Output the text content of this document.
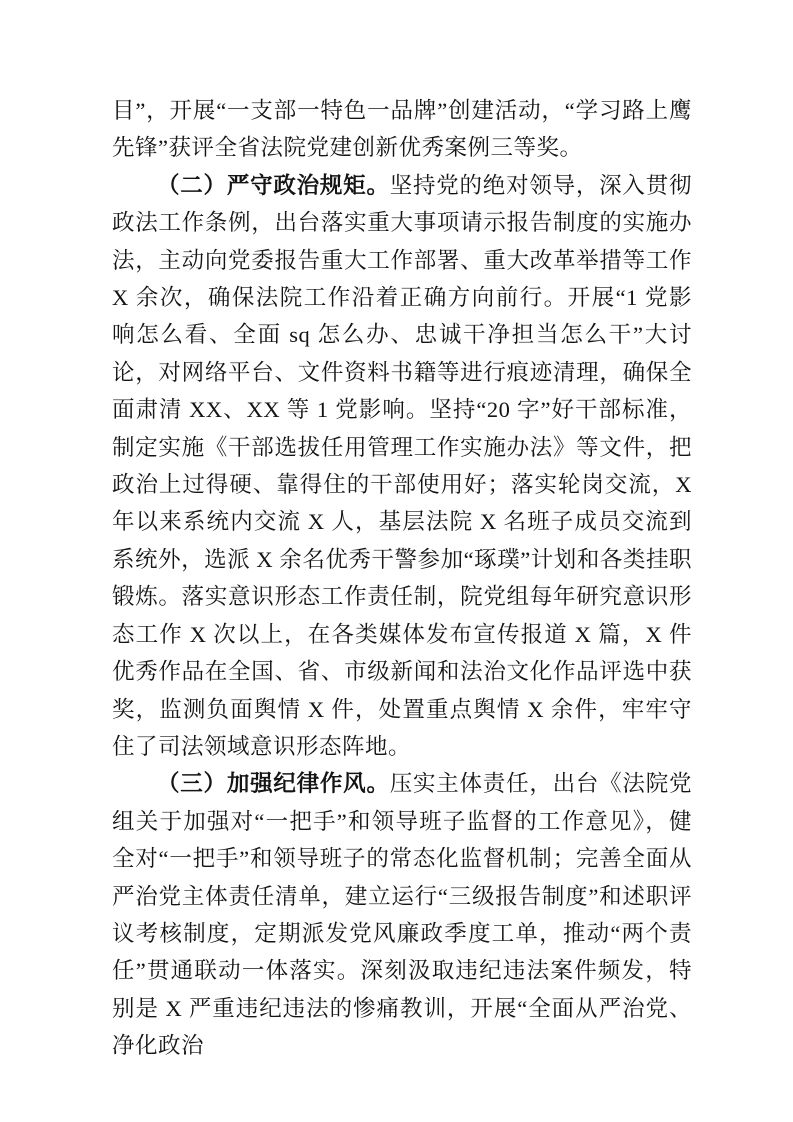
目”，开展“一支部一特色一品牌”创建活动，“学习路上鹰先锋”获评全省法院党建创新优秀案例三等奖。

（二）严守政治规矩。坚持党的绝对领导，深入贯彻政法工作条例，出台落实重大事项请示报告制度的实施办法，主动向党委报告重大工作部署、重大改革举措等工作 X 余次，确保法院工作沿着正确方向前行。开展“1 党影响怎么看、全面 sq 怎么办、忠诚干净担当怎么干”大讨论，对网络平台、文件资料书籍等进行痕迹清理，确保全面肃清 XX、XX 等 1 党影响。坚持“20 字”好干部标准，制定实施《干部选拔任用管理工作实施办法》等文件，把政治上过得硬、靠得住的干部使用好；落实轮岗交流，X 年以来系统内交流 X 人，基层法院 X 名班子成员交流到系统外，选派 X 余名优秀干警参加“琢璞”计划和各类挂职锻炼。落实意识形态工作责任制，院党组每年研究意识形态工作 X 次以上，在各类媒体发布宣传报道 X 篇，X 件优秀作品在全国、省、市级新闻和法治文化作品评选中获奖，监测负面舆情 X 件，处置重点舆情 X 余件，牢牢守住了司法领域意识形态阵地。

（三）加强纪律作风。压实主体责任，出台《法院党组关于加强对“一把手”和领导班子监督的工作意见》，健全对“一把手”和领导班子的常态化监督机制；完善全面从严治党主体责任清单，建立运行“三级报告制度”和述职评议考核制度，定期派发党风廉政季度工单，推动“两个责任”贯通联动一体落实。深刻汲取违纪违法案件频发，特别是 X 严重违纪违法的惨痛教训，开展“全面从严治党、净化政治
